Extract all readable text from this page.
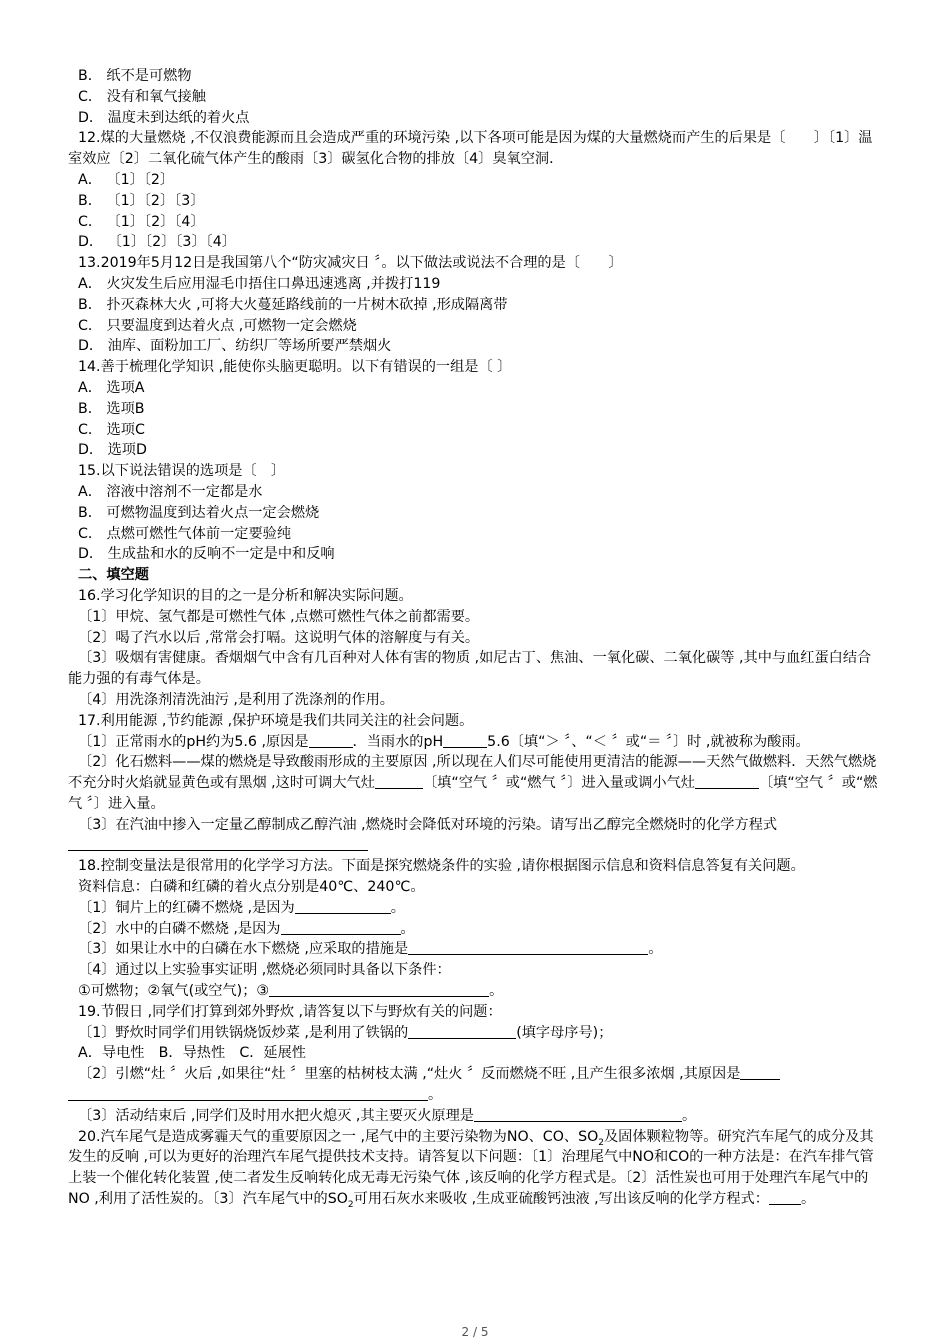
B． 纸不是可燃物
C． 没有和氧气接触
D． 温度未到达纸的着火点
12.煤的大量燃烧 ,不仅浪费能源而且会造成严重的环境污染 ,以下各项可能是因为煤的大量燃烧而产生的后果是〔　　〕〔1〕温室效应〔2〕二氧化硫气体产生的酸雨〔3〕碳氢化合物的排放〔4〕臭氧空洞．
A． 〔1〕〔2〕
B． 〔1〕〔2〕〔3〕
C． 〔1〕〔2〕〔4〕
D． 〔1〕〔2〕〔3〕〔4〕
13.2019年5月12日是我国第八个“防灾减灾日 〞。以下做法或说法不合理的是〔　　〕
A． 火灾发生后应用湿毛巾捂住口鼻迅速逃离 ,并拨打119
B． 扑灭森林大火 ,可将大火蔓延路线前的一片树木砍掉 ,形成隔离带
C． 只要温度到达着火点 ,可燃物一定会燃烧
D． 油库、面粉加工厂、纺织厂等场所要严禁烟火
14.善于梳理化学知识 ,能使你头脑更聪明。以下有错误的一组是〔 〕
A． 选项A
B． 选项B
C． 选项C
D． 选项D
15.以下说法错误的选项是〔　〕
A． 溶液中溶剂不一定都是水
B． 可燃物温度到达着火点一定会燃烧
C． 点燃可燃性气体前一定要验纯
D． 生成盐和水的反响不一定是中和反响
二、填空题
16.学习化学知识的目的之一是分析和解决实际问题。
〔1〕甲烷、氢气都是可燃性气体 ,点燃可燃性气体之前都需要。
〔2〕喝了汽水以后 ,常常会打嗝。这说明气体的溶解度与有关。
〔3〕吸烟有害健康。香烟烟气中含有几百种对人体有害的物质 ,如尼古丁、焦油、一氧化碳、二氧化碳等 ,其中与血红蛋白结合能力强的有毒气体是。
〔4〕用洗涤剂清洗油污 ,是利用了洗涤剂的作用。
17.利用能源 ,节约能源 ,保护环境是我们共同关注的社会问题。
〔1〕正常雨水的pH约为5.6 ,原因是	．当雨水的pH	5.6〔填“＞ 〞、“＜ 〞或“＝ 〞〕时 ,就被称为酸雨。
〔2〕化石燃料——煤的燃烧是导致酸雨形成的主要原因 ,所以现在人们尽可能使用更清洁的能源——天然气做燃料．天然气燃烧不充分时火焰就显黄色或有黑烟 ,这时可调大气灶	〔填“空气 〞或“燃气 〞〕进入量或调小气灶	〔填“空气 〞或“燃气 〞〕进入量。
〔3〕在汽油中掺入一定量乙醇制成乙醇汽油 ,燃烧时会降低对环境的污染。请写出乙醇完全燃烧时的化学方程式
18.控制变量法是很常用的化学学习方法。下面是探究燃烧条件的实验 ,请你根据图示信息和资料信息答复有关问题。
资料信息：白磷和红磷的着火点分别是40℃、240℃。
〔1〕铜片上的红磷不燃烧 ,是因为	。
〔2〕水中的白磷不燃烧 ,是因为	。
〔3〕如果让水中的白磷在水下燃烧 ,应采取的措施是	。
〔4〕通过以上实验事实证明 ,燃烧必须同时具备以下条件：
①可燃物；②氧气(或空气)；③	。
19.节假日 ,同学们打算到郊外野炊 ,请答复以下与野炊有关的问题：
〔1〕野炊时同学们用铁锅烧饭炒菜 ,是利用了铁锅的	(填字母序号)；
A．导电性　B．导热性　C．延展性
〔2〕引燃“灶 〞火后 ,如果往“灶 〞里塞的枯树枝太满 ,“灶火 〞反而燃烧不旺 ,且产生很多浓烟 ,其原因是
。
〔3〕活动结束后 ,同学们及时用水把火熄灭 ,其主要灭火原理是	。
20.汽车尾气是造成雾霾天气的重要原因之一 ,尾气中的主要污染物为NO、CO、$SO_2$及固体颗粒物等。研究汽车尾气的成分及其发生的反响 ,可以为更好的治理汽车尾气提供技术支持。请答复以下问题：〔1〕治理尾气中NO和CO的一种方法是：在汽车排气管上装一个催化转化装置 ,使二者发生反响转化成无毒无污染气体 ,该反响的化学方程式是。〔2〕活性炭也可用于处理汽车尾气中的NO ,利用了活性炭的。〔3〕汽车尾气中的$SO_2$可用石灰水来吸收 ,生成亚硫酸钙浊液 ,写出该反响的化学方程式： 。
2 / 5
